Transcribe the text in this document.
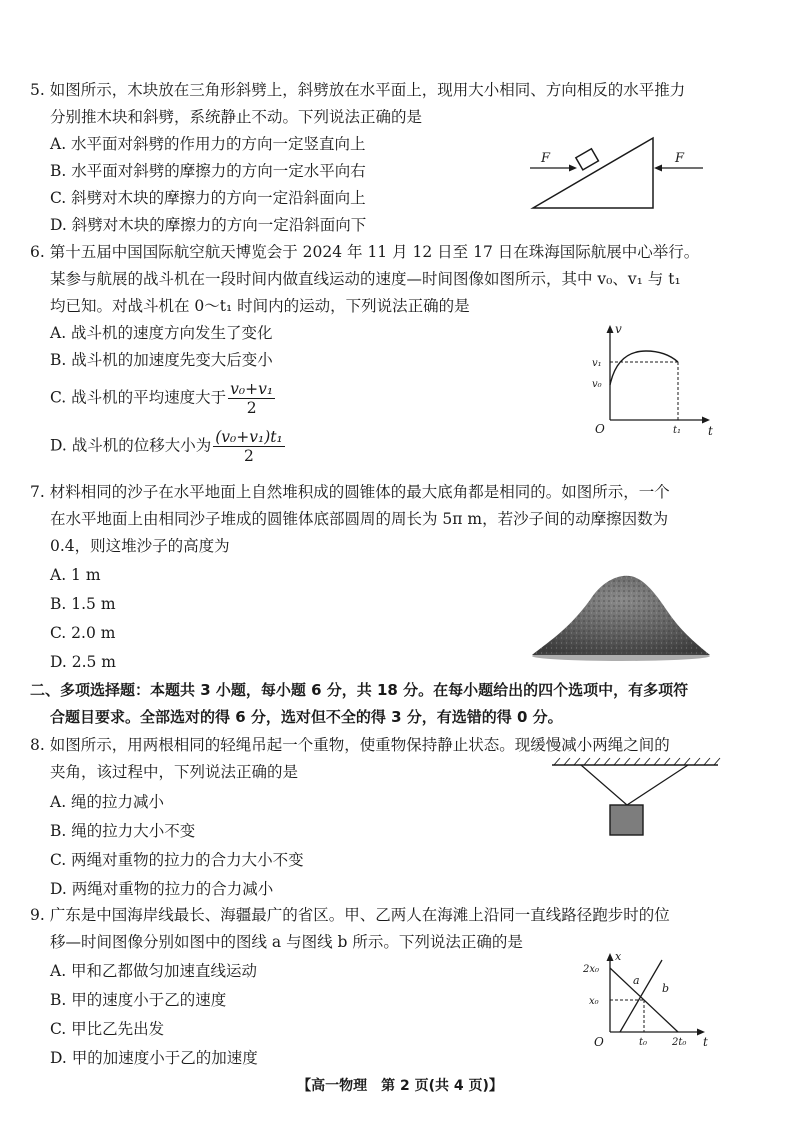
5. 如图所示，木块放在三角形斜劈上，斜劈放在水平面上，现用大小相同、方向相反的水平推力
分别推木块和斜劈，系统静止不动。下列说法正确的是
A. 水平面对斜劈的作用力的方向一定竖直向上
B. 水平面对斜劈的摩擦力的方向一定水平向右
C. 斜劈对木块的摩擦力的方向一定沿斜面向上
D. 斜劈对木块的摩擦力的方向一定沿斜面向下
F	F
6. 第十五届中国国际航空航天博览会于 2024 年 11 月 12 日至 17 日在珠海国际航展中心举行。
某参与航展的战斗机在一段时间内做直线运动的速度—时间图像如图所示，其中 v₀、v₁ 与 t₁
均已知。对战斗机在 0～t₁ 时间内的运动，下列说法正确的是
A. 战斗机的速度方向发生了变化
B. 战斗机的加速度先变大后变小
C. 战斗机的平均速度大于 $\frac{\text{v₀+v₁}}{2}$
D. 战斗机的位移大小为 $\frac{\text{(v₀+v₁)t₁}}{2}$
v
t
O
v₁
v₀
t₁
7. 材料相同的沙子在水平地面上自然堆积成的圆锥体的最大底角都是相同的。如图所示，一个
在水平地面上由相同沙子堆成的圆锥体底部圆周的周长为 5π m，若沙子间的动摩擦因数为
0.4，则这堆沙子的高度为
A. 1 m
B. 1.5 m
C. 2.0 m
D. 2.5 m
二、多项选择题：本题共 3 小题，每小题 6 分，共 18 分。在每小题给出的四个选项中，有多项符
合题目要求。全部选对的得 6 分，选对但不全的得 3 分，有选错的得 0 分。
8. 如图所示，用两根相同的轻绳吊起一个重物，使重物保持静止状态。现缓慢减小两绳之间的
夹角，该过程中，下列说法正确的是
A. 绳的拉力减小
B. 绳的拉力大小不变
C. 两绳对重物的拉力的合力大小不变
D. 两绳对重物的拉力的合力减小
9. 广东是中国海岸线最长、海疆最广的省区。甲、乙两人在海滩上沿同一直线路径跑步时的位
移—时间图像分别如图中的图线 a 与图线 b 所示。下列说法正确的是
A. 甲和乙都做匀加速直线运动
B. 甲的速度小于乙的速度
C. 甲比乙先出发
D. 甲的加速度小于乙的加速度
x
t
O
2x₀
x₀
t₀ 2t₀
a
b
【高一物理　第 2 页(共 4 页)】
